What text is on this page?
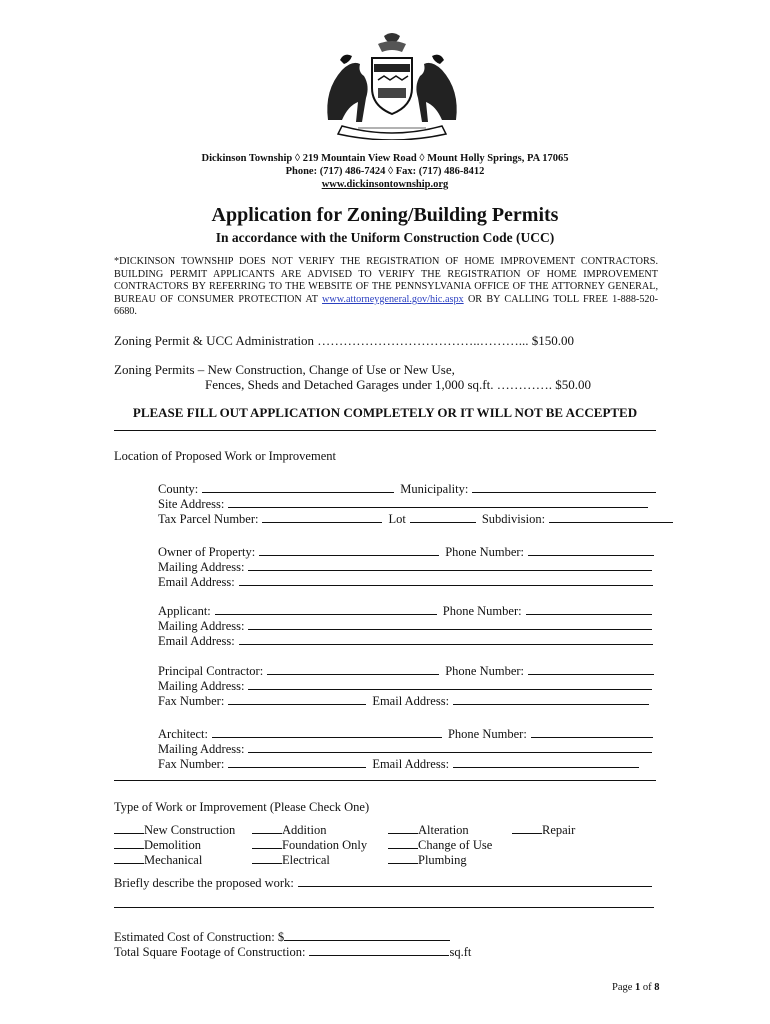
Dickinson Township ◊ 219 Mountain View Road ◊ Mount Holly Springs, PA 17065
Phone: (717) 486-7424 ◊ Fax: (717) 486-8412
www.dickinsontownship.org
Application for Zoning/Building Permits
In accordance with the Uniform Construction Code (UCC)
*DICKINSON TOWNSHIP DOES NOT VERIFY THE REGISTRATION OF HOME IMPROVEMENT CONTRACTORS. BUILDING PERMIT APPLICANTS ARE ADVISED TO VERIFY THE REGISTRATION OF HOME IMPROVEMENT CONTRACTORS BY REFERRING TO THE WEBSITE OF THE PENNSYLVANIA OFFICE OF THE ATTORNEY GENERAL, BUREAU OF CONSUMER PROTECTION AT www.attorneygeneral.gov/hic.aspx OR BY CALLING TOLL FREE 1-888-520-6680.
Zoning Permit & UCC Administration ………………………………..………... $150.00
Zoning Permits – New Construction, Change of Use or New Use,
Fences, Sheds and Detached Garages under 1,000 sq.ft. …………. $50.00
PLEASE FILL OUT APPLICATION COMPLETELY OR IT WILL NOT BE ACCEPTED
Location of Proposed Work or Improvement
County:	Municipality:
Site Address:
Tax Parcel Number:	Lot	Subdivision:
Owner of Property:	Phone Number:
Mailing Address:
Email Address:
Applicant:	Phone Number:
Mailing Address:
Email Address:
Principal Contractor:	Phone Number:
Mailing Address:
Fax Number:	Email Address:
Architect:	Phone Number:
Mailing Address:
Fax Number:	Email Address:
Type of Work or Improvement (Please Check One)
New Construction	Addition	Alteration	Repair
Demolition	Foundation Only	Change of Use
Mechanical	Electrical	Plumbing
Briefly describe the proposed work:
Estimated Cost of Construction: $
Total Square Footage of Construction:	sq.ft
Page 1 of 8
